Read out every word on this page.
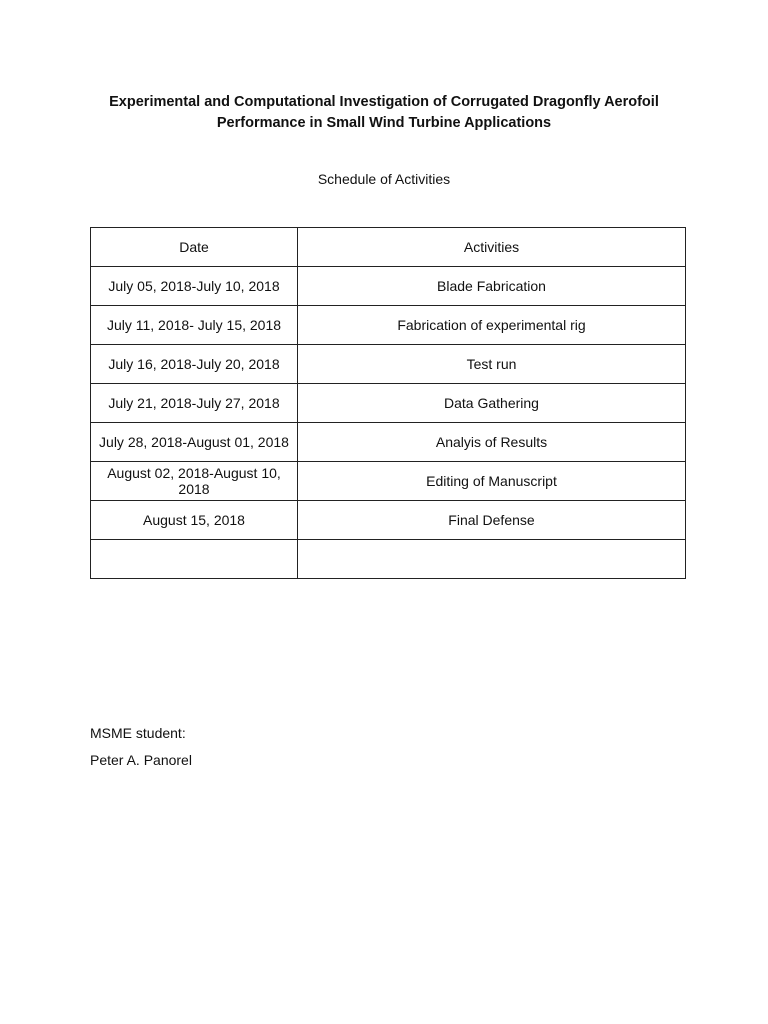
Experimental and Computational Investigation of Corrugated Dragonfly Aerofoil
Performance in Small Wind Turbine Applications
Schedule of Activities
Date	Activities
July 05, 2018-July 10, 2018	Blade Fabrication
July 11, 2018- July 15, 2018	Fabrication of experimental rig
July 16, 2018-July 20, 2018	Test run
July 21, 2018-July 27, 2018	Data Gathering
July 28, 2018-August 01, 2018	Analyis of Results
August 02, 2018-August 10, 2018	Editing of Manuscript
August 15, 2018	Final Defense

MSME student:
Peter A. Panorel
